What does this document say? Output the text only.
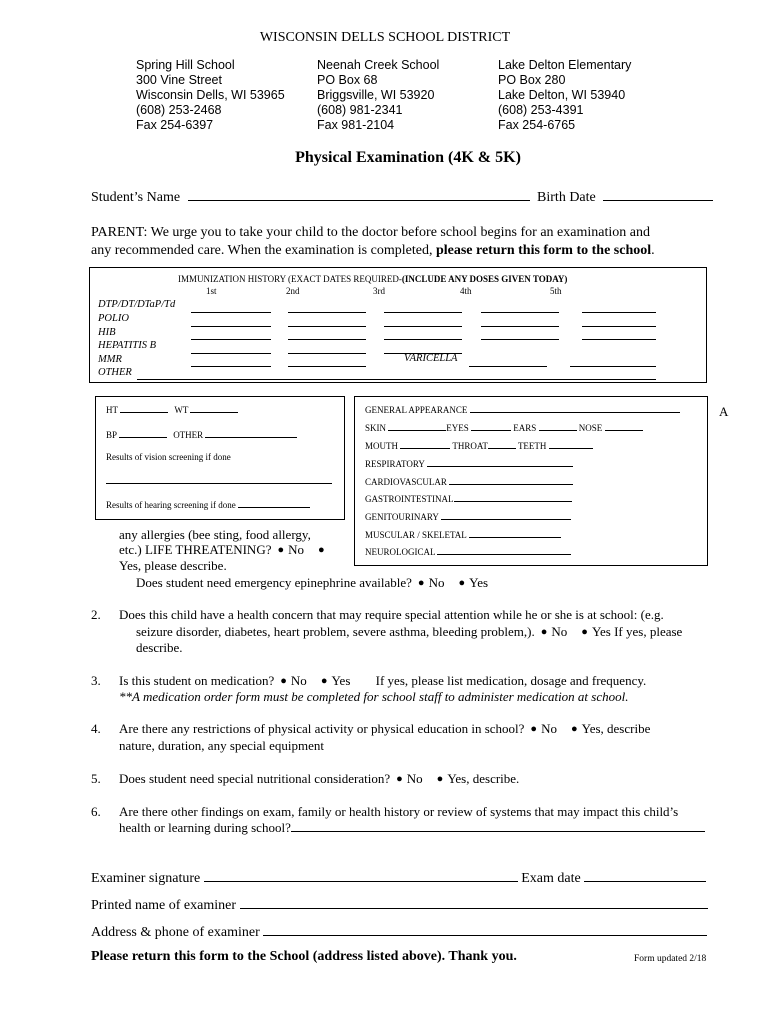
WISCONSIN DELLS SCHOOL DISTRICT
Spring Hill School
300 Vine Street
Wisconsin Dells, WI 53965
(608) 253-2468
Fax 254-6397
Neenah Creek School
PO Box 68
Briggsville, WI 53920
(608) 981-2341
Fax 981-2104
Lake Delton Elementary
PO Box 280
Lake Delton, WI 53940
(608) 253-4391
Fax 254-6765
Physical Examination (4K & 5K)
Student’s Name	Birth Date
PARENT: We urge you to take your child to the doctor before school begins for an examination and
any recommended care. When the examination is completed, please return this form to the school.
IMMUNIZATION HISTORY (EXACT DATES REQUIRED-(INCLUDE ANY DOSES GIVEN TODAY)
1st	2nd	3rd	4th	5th
DTP/DT/DTaP/Td
POLIO
HIB
HEPATITIS B
MMR
OTHER
VARICELLA
HT	WT
BP	OTHER
Results of vision screening if done
Results of hearing screening if done
GENERAL APPEARANCE
SKIN	EYES	EARS	NOSE
MOUTH	THROAT	TEETH
RESPIRATORY
CARDIOVASCULAR
GASTROINTESTINAL
GENITOURINARY
MUSCULAR / SKELETAL
NEUROLOGICAL
A
any allergies (bee sting, food allergy,
etc.) LIFE THREATENING? ● No ●
Yes, please describe.
Does student need emergency epinephrine available? ● No ● Yes
2. Does this child have a health concern that may require special attention while he or she is at school: (e.g.
seizure disorder, diabetes, heart problem, severe asthma, bleeding problem,). ● No ● Yes If yes, please
describe.
3. Is this student on medication? ● No ● Yes If yes, please list medication, dosage and frequency.
**A medication order form must be completed for school staff to administer medication at school.
4. Are there any restrictions of physical activity or physical education in school? ● No ● Yes, describe
nature, duration, any special equipment
5. Does student need special nutritional consideration? ● No ● Yes, describe.
6. Are there other findings on exam, family or health history or review of systems that may impact this child’s
health or learning during school?
Examiner signature	Exam date
Printed name of examiner
Address & phone of examiner
Please return this form to the School (address listed above). Thank you.	Form updated 2/18
